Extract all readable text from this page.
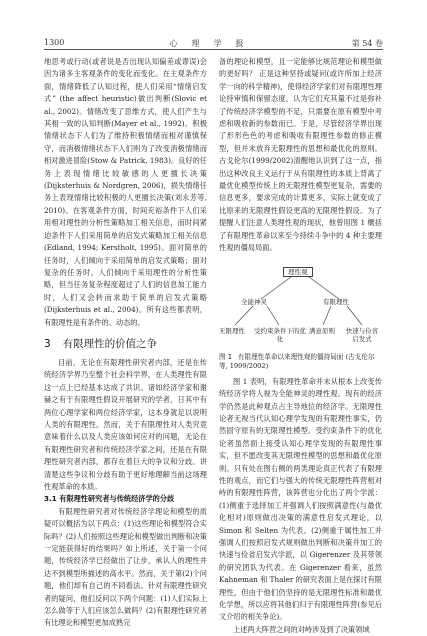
1300	心理学报	第 54 卷

地思考或行动(或者说是否出现认知偏差或谬误)会因为诸多主客观条件的变化而变化。在主观条件方面，情绪降低了认知过程，使人们采用“情绪启发式” (the affect heuristic)做出判断(Slovic et al., 2002)。情绪改变了思维方式，使人们产生与其相一致的认知判断(Mayer et al., 1992)。积极情绪状态下人们为了维持积极情绪而相对谨慎保守，而消极情绪状态下人们则为了改变消极情绪而相对激进冒险(Stow & Patrick, 1983)。良好的任务上表现情绪比较敏感的人更擅长决策(Dijksterhuis & Nordgren, 2006)，损失情绪任务上表现情绪比较积极的人更擅长决策(刘永芳等, 2010)。在客观条件方面，时间充裕条件下人们采用相对理性的分析性策略加工相关信息，而时间紧迫条件下人们采用简单的启发式策略加工相关信息(Edland, 1994; Kerstholt, 1995)。面对简单的任务时，人们倾向于采用简单的启发式策略；面对复杂的任务时，人们倾向于采用理性的分析性策略，但当任务复杂程度超过了人们的信息加工能力时，人们又会转而求助于简单的启发式策略(Dijksterhuis et al., 2004)。所有这些都表明，有限理性是有条件的、动态的。

3 有限理性的价值之争

目前，无论在有限理性研究者内部，还是在传统经济学界乃至整个社会科学界，在人类理性有限这一点上已经基本达成了共识。诸如经济学家和谢赫之有于有限理性假设开展研究的学者，日其中有两位心理学家和两位经济学家，这本身就足以说明人类的有限理性。然而，关于有限理性对人类究竟意味着什么以及人类应该如何应对的问题，无论在有限理性研究者和传统经济学家之间，还是在有限理性研究者内部，都存在着巨大的争议和分歧。讲清楚这些争议和分歧有助于更好地理解当前这场理性观革命的本质。

3.1 有限理性研究者与传统经济学的分歧

有限理性研究者对传统经济学理论和模型的质疑可以概括为以下两点：(1)这些理论和模型符合实际吗？(2)人们按照这些理论和模型做出判断和决策一定能获得好的结果吗？如上所述，关于第一个问题，传统经济学已经做出了让步，承认人的理性并达不到模型所描述的高水平。然而，关于第(2)个问题，他们却有自己的不同看法。针对有限理性研究者的疑问，他们反问以下两个问题：(1)人们实际上怎么做等于人们应该怎么做吗？(2)有限理性研究者有比理论和模型更加成熟完

备的理论和模型，且一定能够比规范理论和模型做的更好吗？ 正是这种坚持或疑问(或许所加上经济学一向的科学精神)，使得经济学家们对有限理性理论持审慎和保留态度，认为它们充其量不过是弥补了传统经济学模型的不足，只需要在原有模型中考虑和吸收新的参数而已。于是，尽管经济学界出现了形形色色的考虑和吸收有限理性参数的修正模型，但并未放弃无限理性的思想和最优化的原则。古戈伦尔(1999/2002)清醒地认识到了这一点，指出这种改良主义运行于从有限理性的本质上背离了最优化模型传统上的无限理性模型更复杂，需要的信息更多，要求完成的计算更多，实际上就变成了比原来的无限理性假设更高的无限理性假设。为了提醒人们注意人类理性观的现状，他曾用图 1 概括了有限理性革命以来至今持续斗争中的 4 种主要理性观的僵局局面。

理性观
全能神灵	有限理性
无限理性 受约束条件下的优化
满意原则	快速与俭省启发式
图 1 有限理性革命以来理性观的僵持局面 (古戈伦尔等, 1999/2002)

图 1 表明，有限理性革命并未从根本上改变传统经济学将人视为全能神灵的理性观。现有的经济学仍然是此种观点占主导地位的经济学。无限理性论者无视当代认知心理学发现的有限理性事实，仍然固守原有的无限理性模型。受约束条件下的优化论者虽然面上接受认知心理学发现的有限理性事实，但不愿改变其无限理性模型的思想和最优化原则。只有处在图右侧的两类理论真正代表了有限理性的观点，而它们与强大的传统无限理性阵营相对峙的有限理性阵营，该阵营也分化出了两个学派：(1)侧重于选择加工并强调人们按照满意性(与最优化相对)原则做出决策的满意性启发式理论，以 Simon 和 Selten 为代表。(2)侧重于属性加工并强调人们按照启发式规则做出判断和决策并加工的快速与俭省启发式学派，以 Gigerenzer 及其带领的研究团队为代表。在 Gigerenzer 看来，虽然 Kahneman 和 Thaler 的研究表面上是在探讨有限理性，但由于他们仍坚持的是无限理性标准和最优化学想，所以应将其他们归于有限理性阵营(参见后文介绍的相关争论)。

上述两大阵营之间的对峙涉及到了决策领域
